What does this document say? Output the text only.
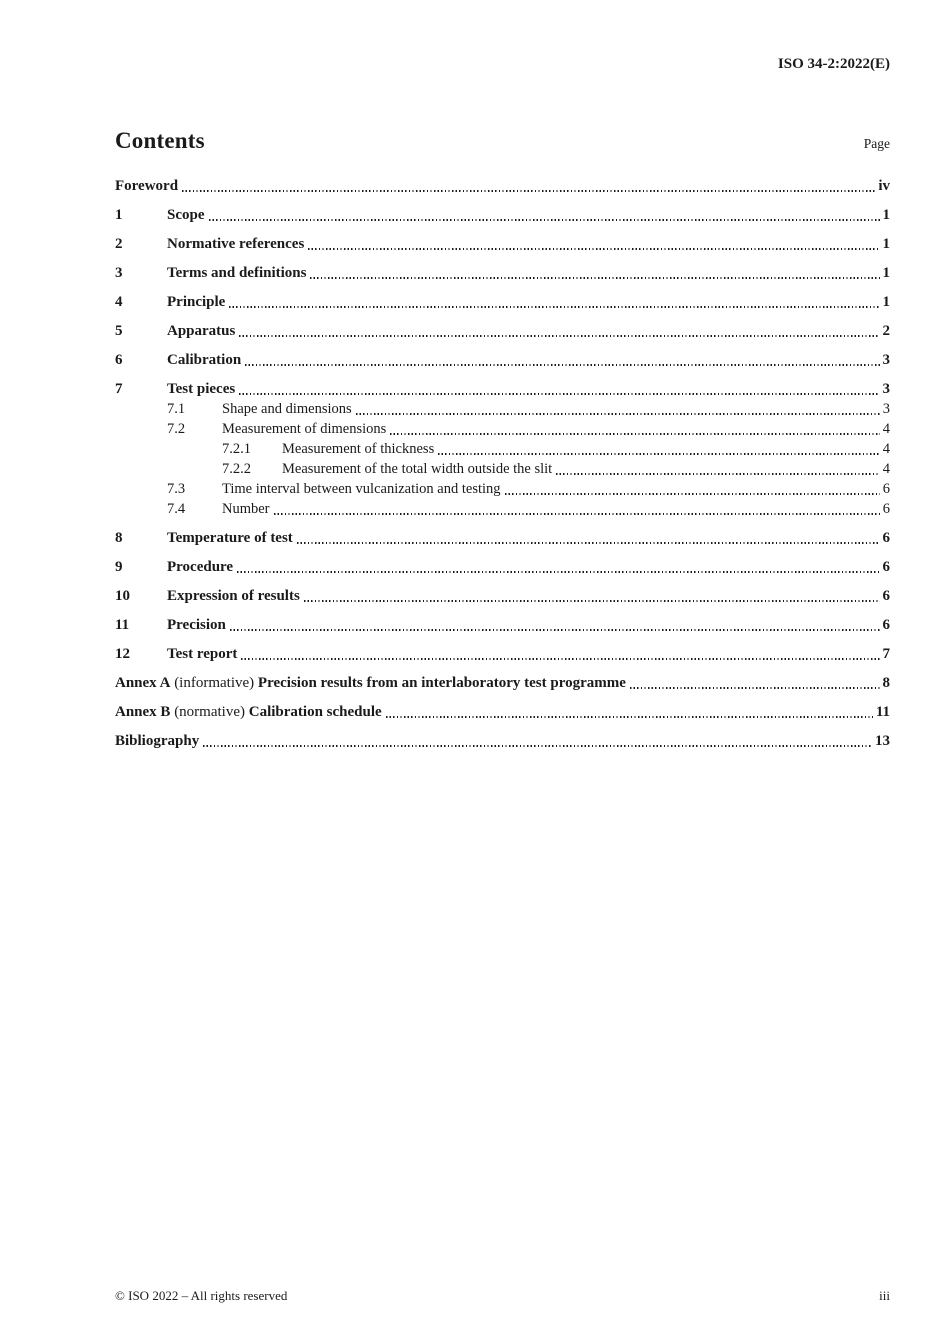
ISO 34-2:2022(E)
Contents	Page
Foreword	iv
1	Scope	1
2	Normative references	1
3	Terms and definitions	1
4	Principle	1
5	Apparatus	2
6	Calibration	3
7	Test pieces	3
7.1	Shape and dimensions	3
7.2	Measurement of dimensions	4
7.2.1	Measurement of thickness	4
7.2.2	Measurement of the total width outside the slit	4
7.3	Time interval between vulcanization and testing	6
7.4	Number	6
8	Temperature of test	6
9	Procedure	6
10	Expression of results	6
11	Precision	6
12	Test report	7
Annex A (informative) Precision results from an interlaboratory test programme	8
Annex B (normative) Calibration schedule	11
Bibliography	13
© ISO 2022 – All rights reserved	iii
